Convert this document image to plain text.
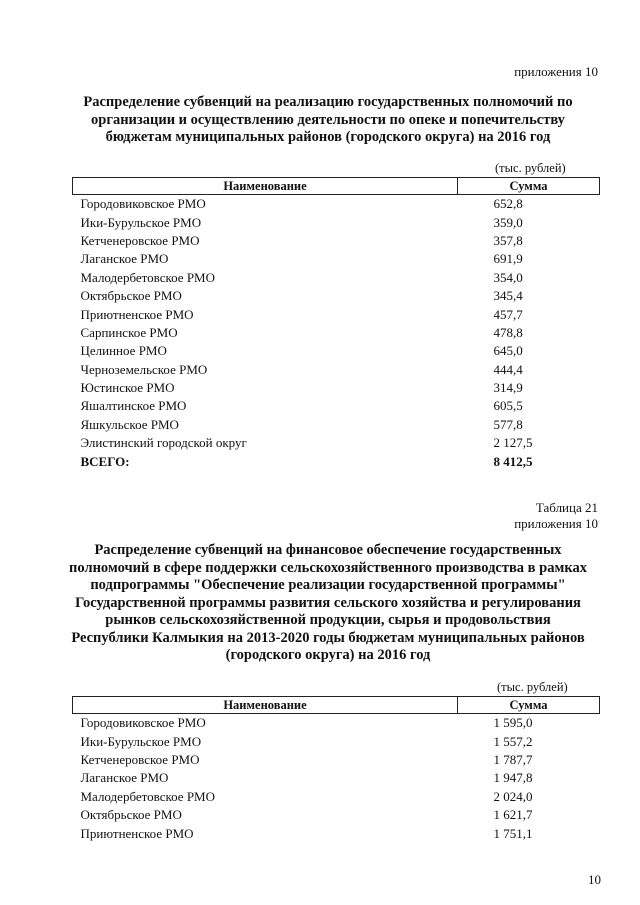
приложения 10
Распределение субвенций на реализацию государственных полномочий по организации и осуществлению деятельности по опеке и попечительству бюджетам муниципальных районов (городского округа) на 2016 год
(тыс. рублей)
Наименование	Сумма
Городовиковское РМО	652,8
Ики-Бурульское РМО	359,0
Кетченеровское РМО	357,8
Лаганское РМО	691,9
Малодербетовское РМО	354,0
Октябрьское РМО	345,4
Приютненское РМО	457,7
Сарпинское РМО	478,8
Целинное РМО	645,0
Черноземельское РМО	444,4
Юстинское РМО	314,9
Яшалтинское РМО	605,5
Яшкульское РМО	577,8
Элистинский городской округ	2 127,5
ВСЕГО:	8 412,5
Таблица 21
приложения 10
Распределение субвенций на финансовое обеспечение государственных полномочий в сфере поддержки сельскохозяйственного производства в рамках подпрограммы "Обеспечение реализации государственной программы" Государственной программы развития сельского хозяйства и регулирования рынков сельскохозяйственной продукции, сырья и продовольствия Республики Калмыкия на 2013-2020 годы бюджетам муниципальных районов (городского округа) на 2016 год
(тыс. рублей)
Наименование	Сумма
Городовиковское РМО	1 595,0
Ики-Бурульское РМО	1 557,2
Кетченеровское РМО	1 787,7
Лаганское РМО	1 947,8
Малодербетовское РМО	2 024,0
Октябрьское РМО	1 621,7
Приютненское РМО	1 751,1
10
